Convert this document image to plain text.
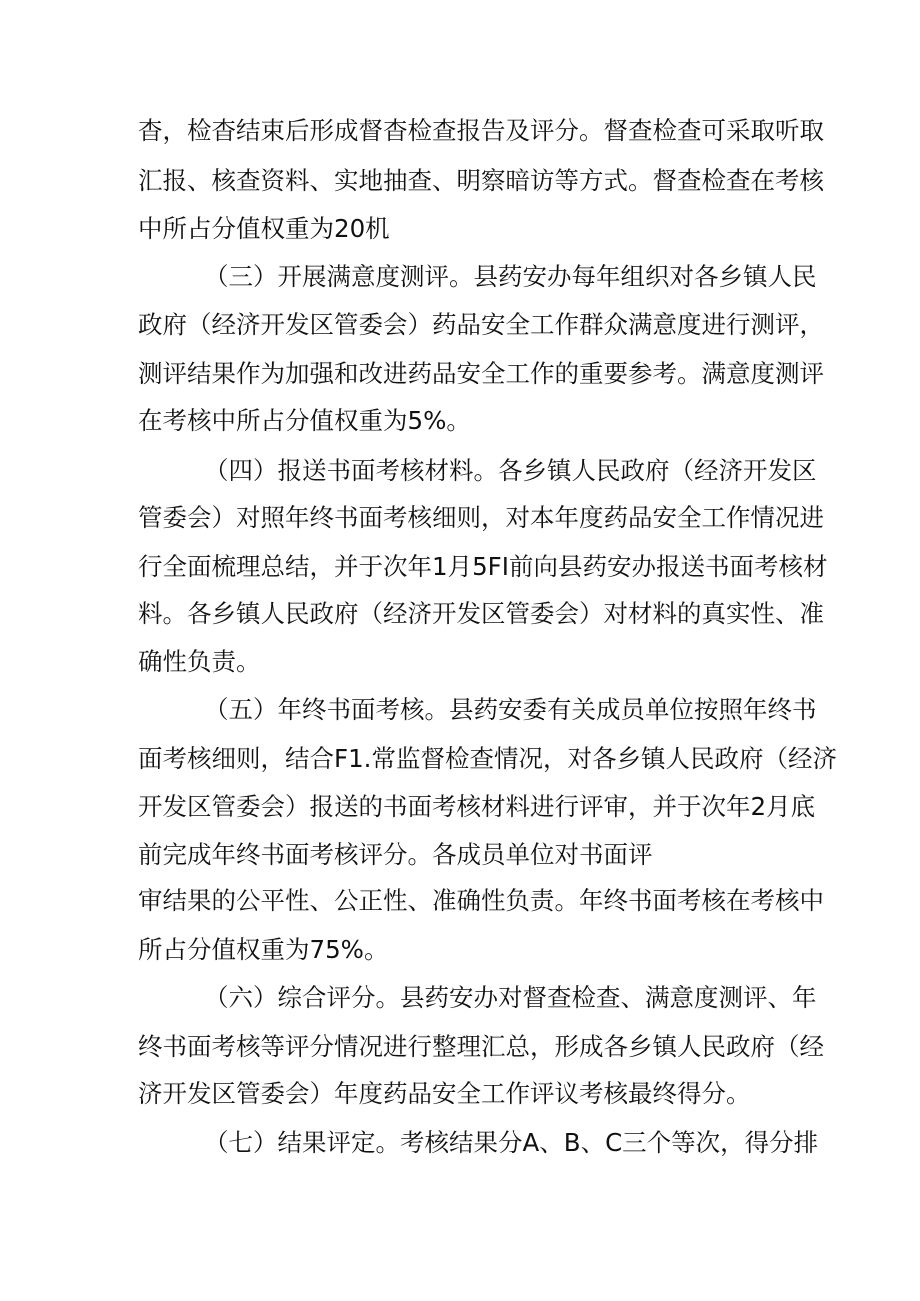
杳，检杳结束后形成督杳检查报告及评分。督查检查可采取听取
汇报、核查资料、实地抽查、明察暗访等方式。督查检查在考核
中所占分值权重为20机
（三）开展满意度测评。县药安办每年组织对各乡镇人民
政府（经济开发区管委会）药品安全工作群众满意度进行测评，
测评结果作为加强和改进药品安全工作的重要参考。满意度测评
在考核中所占分值权重为5%。
（四）报送书面考核材料。各乡镇人民政府（经济开发区
管委会）对照年终书面考核细则，对本年度药品安全工作情况进
行全面梳理总结，并于次年1月5FI前向县药安办报送书面考核材
料。各乡镇人民政府（经济开发区管委会）对材料的真实性、准
确性负责。
（五）年终书面考核。县药安委有关成员单位按照年终书
面考核细则，结合F1.常监督检查情况，对各乡镇人民政府（经济
开发区管委会）报送的书面考核材料进行评审，并于次年2月底
前完成年终书面考核评分。各成员单位对书面评
审结果的公平性、公正性、准确性负责。年终书面考核在考核中
所占分值权重为75%。
（六）综合评分。县药安办对督查检查、满意度测评、年
终书面考核等评分情况进行整理汇总，形成各乡镇人民政府（经
济开发区管委会）年度药品安全工作评议考核最终得分。
（七）结果评定。考核结果分A、B、C三个等次，得分排
